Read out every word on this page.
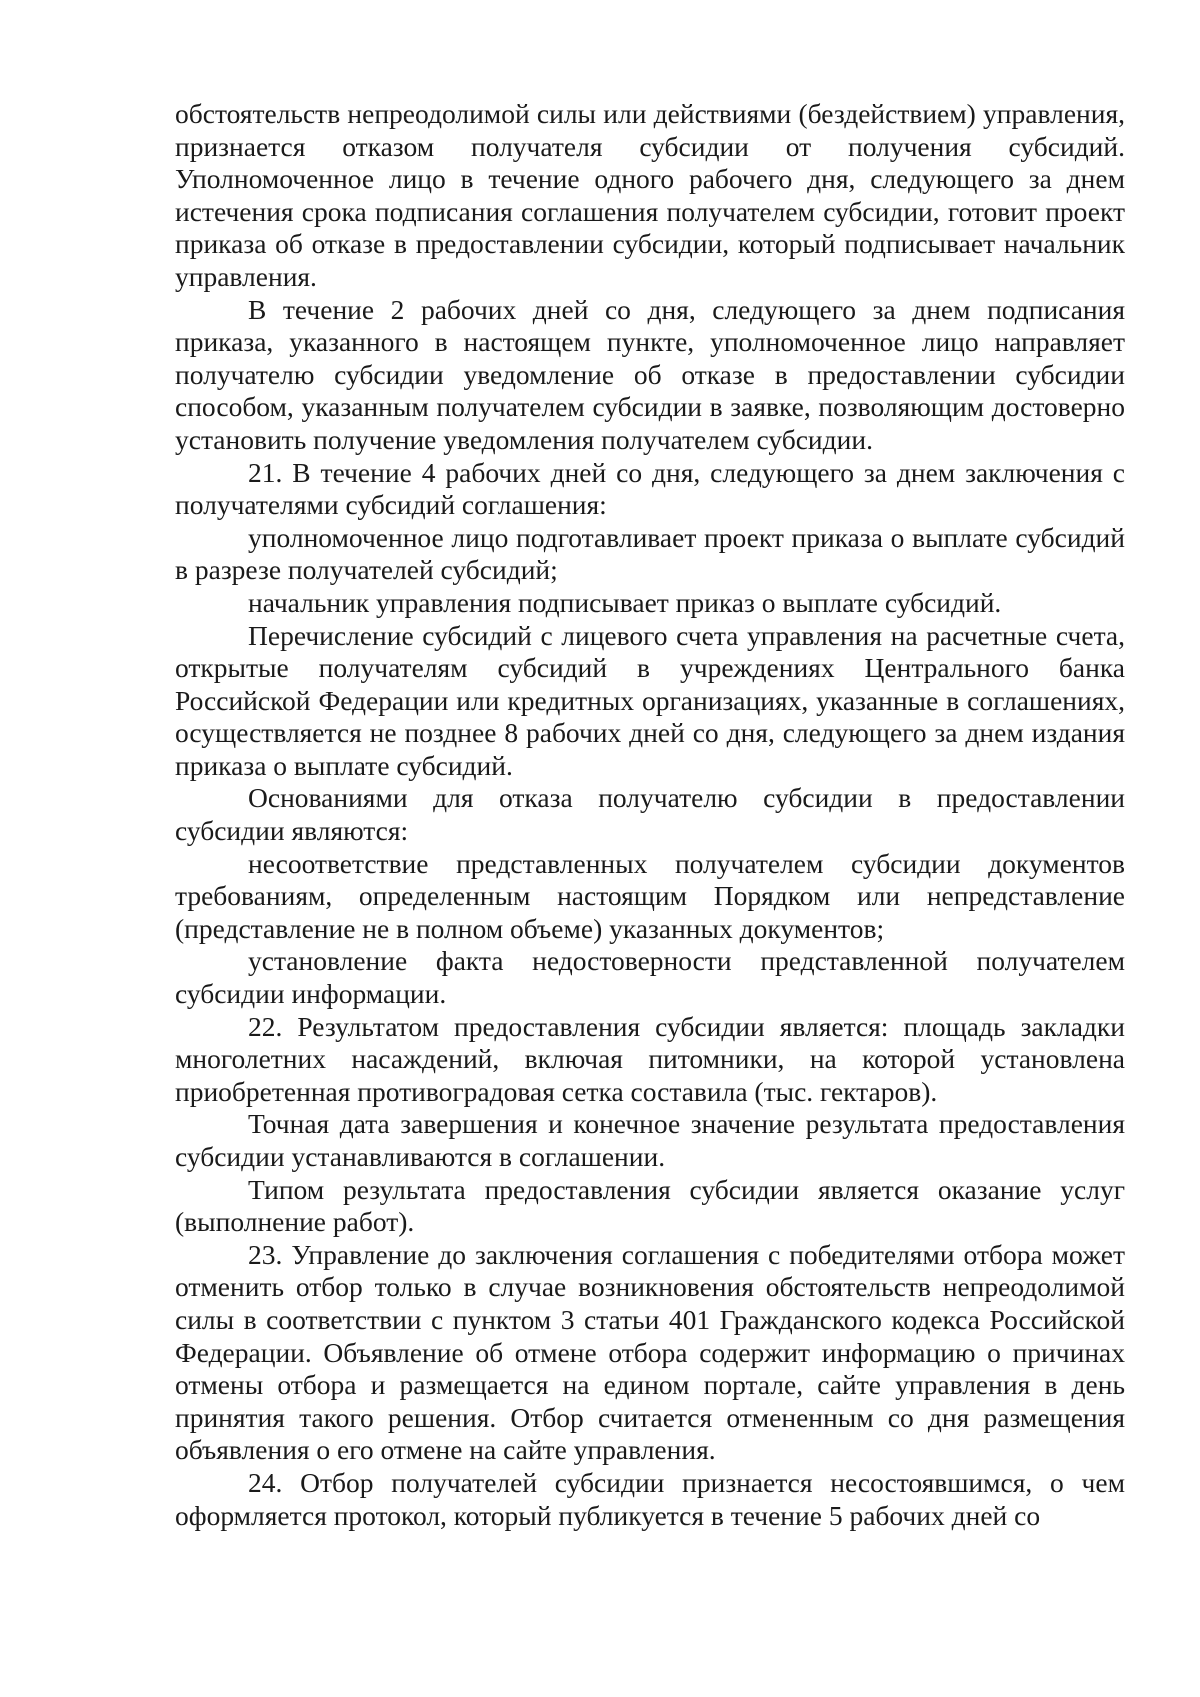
обстоятельств непреодолимой силы или действиями (бездействием) управления, признается отказом получателя субсидии от получения субсидий. Уполномоченное лицо в течение одного рабочего дня, следующего за днем истечения срока подписания соглашения получателем субсидии, готовит проект приказа об отказе в предоставлении субсидии, который подписывает начальник управления.

В течение 2 рабочих дней со дня, следующего за днем подписания приказа, указанного в настоящем пункте, уполномоченное лицо направляет получателю субсидии уведомление об отказе в предоставлении субсидии способом, указанным получателем субсидии в заявке, позволяющим достоверно установить получение уведомления получателем субсидии.

21. В течение 4 рабочих дней со дня, следующего за днем заключения с получателями субсидий соглашения:

уполномоченное лицо подготавливает проект приказа о выплате субсидий в разрезе получателей субсидий;

начальник управления подписывает приказ о выплате субсидий.

Перечисление субсидий с лицевого счета управления на расчетные счета, открытые получателям субсидий в учреждениях Центрального банка Российской Федерации или кредитных организациях, указанные в соглашениях, осуществляется не позднее 8 рабочих дней со дня, следующего за днем издания приказа о выплате субсидий.

Основаниями для отказа получателю субсидии в предоставлении субсидии являются:

несоответствие представленных получателем субсидии документов требованиям, определенным настоящим Порядком или непредставление (представление не в полном объеме) указанных документов;

установление факта недостоверности представленной получателем субсидии информации.

22. Результатом предоставления субсидии является: площадь закладки многолетних насаждений, включая питомники, на которой установлена приобретенная противоградовая сетка составила (тыс. гектаров).

Точная дата завершения и конечное значение результата предоставления субсидии устанавливаются в соглашении.

Типом результата предоставления субсидии является оказание услуг (выполнение работ).

23. Управление до заключения соглашения с победителями отбора может отменить отбор только в случае возникновения обстоятельств непреодолимой силы в соответствии с пунктом 3 статьи 401 Гражданского кодекса Российской Федерации. Объявление об отмене отбора содержит информацию о причинах отмены отбора и размещается на едином портале, сайте управления в день принятия такого решения. Отбор считается отмененным со дня размещения объявления о его отмене на сайте управления.

24. Отбор получателей субсидии признается несостоявшимся, о чем оформляется протокол, который публикуется в течение 5 рабочих дней со
